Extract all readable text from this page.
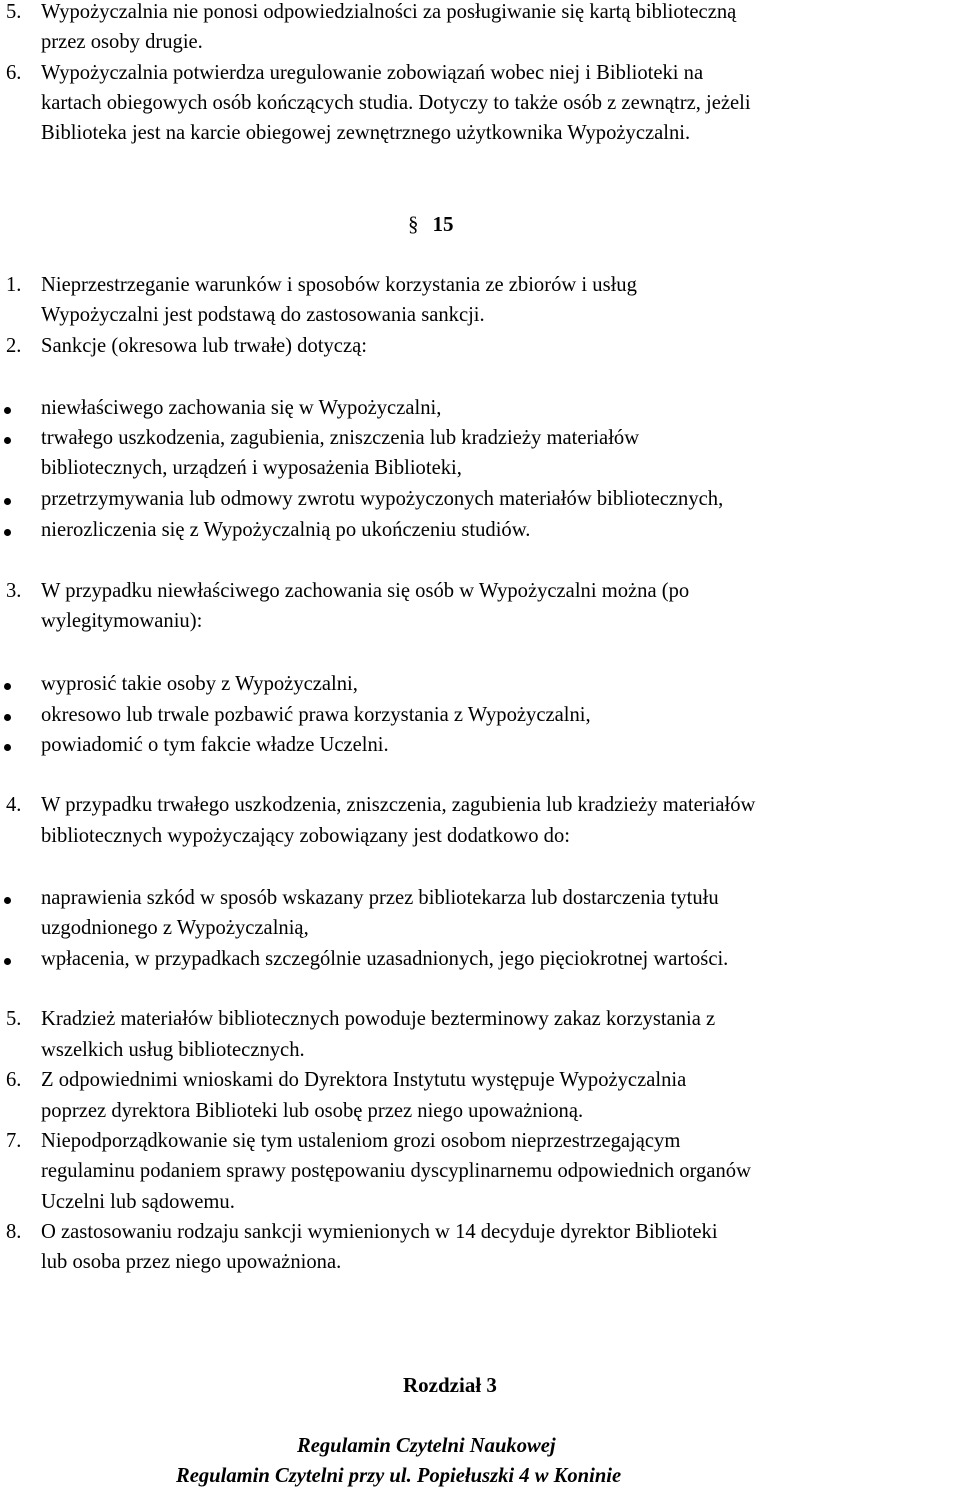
5. Wypożyczalnia nie ponosi odpowiedzialności za posługiwanie się kartą biblioteczną
przez osoby drugie.
6. Wypożyczalnia potwierdza uregulowanie zobowiązań wobec niej i Biblioteki na
kartach obiegowych osób kończących studia. Dotyczy to także osób z zewnątrz, jeżeli
Biblioteka jest na karcie obiegowej zewnętrznego użytkownika Wypożyczalni.
§ 15
1. Nieprzestrzeganie warunków i sposobów korzystania ze zbiorów i usług
Wypożyczalni jest podstawą do zastosowania sankcji.
2. Sankcje (okresowa lub trwałe) dotyczą:
niewłaściwego zachowania się w Wypożyczalni,
trwałego uszkodzenia, zagubienia, zniszczenia lub kradzieży materiałów
bibliotecznych, urządzeń i wyposażenia Biblioteki,
przetrzymywania lub odmowy zwrotu wypożyczonych materiałów bibliotecznych,
nierozliczenia się z Wypożyczalnią po ukończeniu studiów.
3. W przypadku niewłaściwego zachowania się osób w Wypożyczalni można (po
wylegitymowaniu):
wyprosić takie osoby z Wypożyczalni,
okresowo lub trwale pozbawić prawa korzystania z Wypożyczalni,
powiadomić o tym fakcie władze Uczelni.
4. W przypadku trwałego uszkodzenia, zniszczenia, zagubienia lub kradzieży materiałów
bibliotecznych wypożyczający zobowiązany jest dodatkowo do:
naprawienia szkód w sposób wskazany przez bibliotekarza lub dostarczenia tytułu
uzgodnionego z Wypożyczalnią,
wpłacenia, w przypadkach szczególnie uzasadnionych, jego pięciokrotnej wartości.
5. Kradzież materiałów bibliotecznych powoduje bezterminowy zakaz korzystania z
wszelkich usług bibliotecznych.
6. Z odpowiednimi wnioskami do Dyrektora Instytutu występuje Wypożyczalnia
poprzez dyrektora Biblioteki lub osobę przez niego upoważnioną.
7. Niepodporządkowanie się tym ustaleniom grozi osobom nieprzestrzegającym
regulaminu podaniem sprawy postępowaniu dyscyplinarnemu odpowiednich organów
Uczelni lub sądowemu.
8. O zastosowaniu rodzaju sankcji wymienionych w 14 decyduje dyrektor Biblioteki
lub osoba przez niego upoważniona.
Rozdział 3
Regulamin Czytelni Naukowej
Regulamin Czytelni przy ul. Popiełuszki 4 w Koninie
